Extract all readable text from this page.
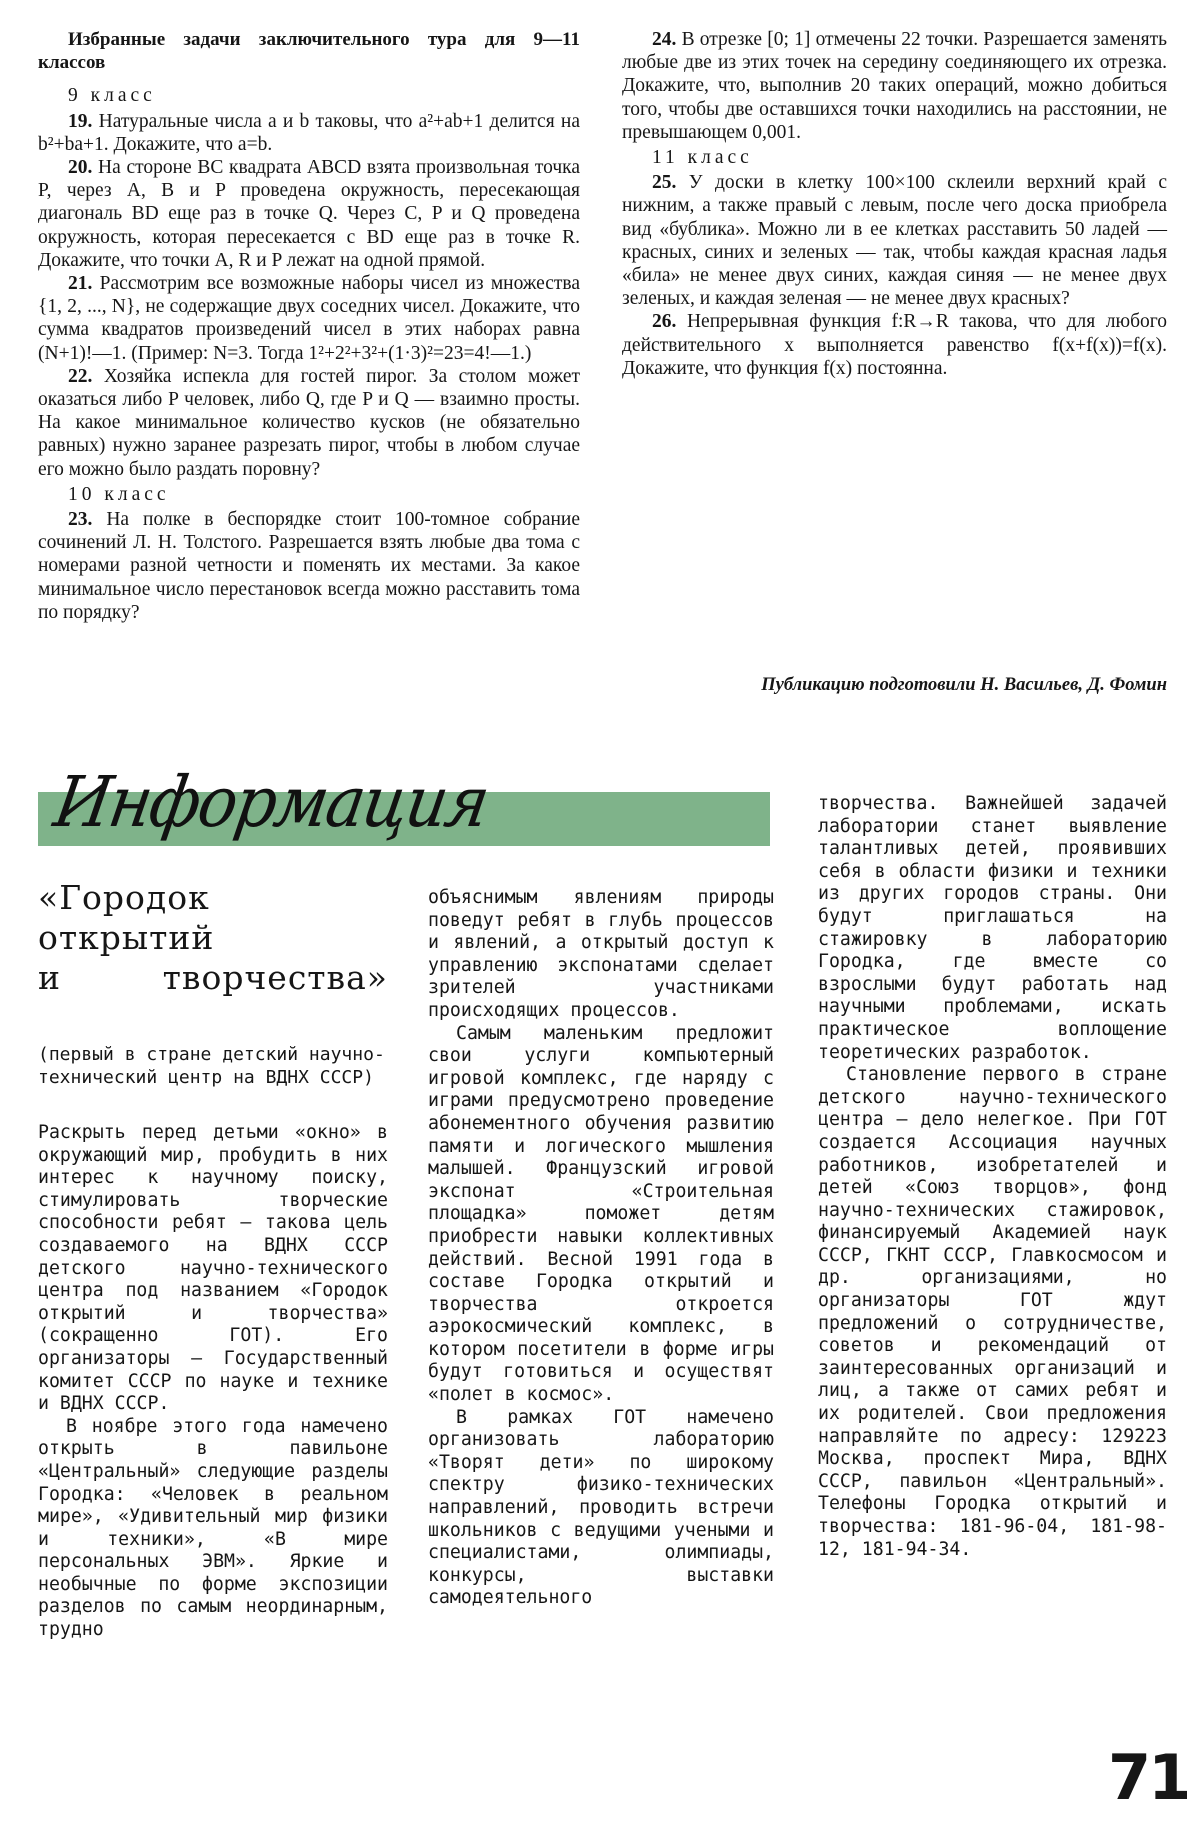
Избранные задачи заключительного тура для 9—11 классов

9 класс

19. Натуральные числа a и b таковы, что a²+ab+1 делится на b²+ba+1. Докажите, что a=b.

20. На стороне BC квадрата ABCD взята произвольная точка P, через A, B и P проведена окружность, пересекающая диагональ BD еще раз в точке Q. Через C, P и Q проведена окружность, которая пересекается с BD еще раз в точке R. Докажите, что точки A, R и P лежат на одной прямой.

21. Рассмотрим все возможные наборы чисел из множества {1, 2, ..., N}, не содержащие двух соседних чисел. Докажите, что сумма квадратов произведений чисел в этих наборах равна (N+1)!—1. (Пример: N=3. Тогда 1²+2²+3²+(1·3)²=23=4!—1.)

22. Хозяйка испекла для гостей пирог. За столом может оказаться либо P человек, либо Q, где P и Q — взаимно просты. На какое минимальное количество кусков (не обязательно равных) нужно заранее разрезать пирог, чтобы в любом случае его можно было раздать поровну?

10 класс

23. На полке в беспорядке стоит 100-томное собрание сочинений Л. Н. Толстого. Разрешается взять любые два тома с номерами разной четности и поменять их местами. За какое минимальное число перестановок всегда можно расставить тома по порядку?

24. В отрезке [0; 1] отмечены 22 точки. Разрешается заменять любые две из этих точек на середину соединяющего их отрезка. Докажите, что, выполнив 20 таких операций, можно добиться того, чтобы две оставшихся точки находились на расстоянии, не превышающем 0,001.

11 класс

25. У доски в клетку 100×100 склеили верхний край с нижним, а также правый с левым, после чего доска приобрела вид «бублика». Можно ли в ее клетках расставить 50 ладей — красных, синих и зеленых — так, чтобы каждая красная ладья «била» не менее двух синих, каждая синяя — не менее двух зеленых, и каждая зеленая — не менее двух красных?

26. Непрерывная функция f:R→R такова, что для любого действительного x выполняется равенство f(x+f(x))=f(x). Докажите, что функция f(x) постоянна.

Публикацию подготовили Н. Васильев, Д. Фомин
Информация
«Городок
открытий
и	творчества»
(первый в стране детский научно-технический центр на ВДНХ СССР)

Раскрыть перед детьми «окно» в окружающий мир, пробудить в них интерес к научному поиску, стимулировать творческие способности ребят — такова цель создаваемого на ВДНХ СССР детского научно-технического центра под названием «Городок открытий и творчества» (сокращенно ГОТ). Его организаторы — Государственный комитет СССР по науке и технике и ВДНХ СССР.

В ноябре этого года намечено открыть в павильоне «Центральный» следующие разделы Городка: «Человек в реальном мире», «Удивительный мир физики и техники», «В мире персональных ЭВМ». Яркие и необычные по форме экспозиции разделов по самым неординарным, трудно

объяснимым явлениям природы поведут ребят в глубь процессов и явлений, а открытый доступ к управлению экспонатами сделает зрителей участниками происходящих процессов.

Самым маленьким предложит свои услуги компьютерный игровой комплекс, где наряду с играми предусмотрено проведение абонементного обучения развитию памяти и логического мышления малышей. Французский игровой экспонат «Строительная площадка» поможет детям приобрести навыки коллективных действий. Весной 1991 года в составе Городка открытий и творчества откроется аэрокосмический комплекс, в котором посетители в форме игры будут готовиться и осуществят «полет в космос».

В рамках ГОТ намечено организовать лабораторию «Творят дети» по широкому спектру физико-технических направлений, проводить встречи школьников с ведущими учеными и специалистами, олимпиады, конкурсы, выставки самодеятельного

творчества. Важнейшей задачей лаборатории станет выявление талантливых детей, проявивших себя в области физики и техники из других городов страны. Они будут приглашаться на стажировку в лабораторию Городка, где вместе со взрослыми будут работать над научными проблемами, искать практическое воплощение теоретических разработок.

Становление первого в стране детского научно-технического центра — дело нелегкое. При ГОТ создается Ассоциация научных работников, изобретателей и детей «Союз творцов», фонд научно-технических стажировок, финансируемый Академией наук СССР, ГКНТ СССР, Главкосмосом и др. организациями, но организаторы ГОТ ждут предложений о сотрудничестве, советов и рекомендаций от заинтересованных организаций и лиц, а также от самих ребят и их родителей. Свои предложения направляйте по адресу: 129223 Москва, проспект Мира, ВДНХ СССР, павильон «Центральный». Телефоны Городка открытий и творчества: 181-96-04, 181-98-12, 181-94-34.

71
